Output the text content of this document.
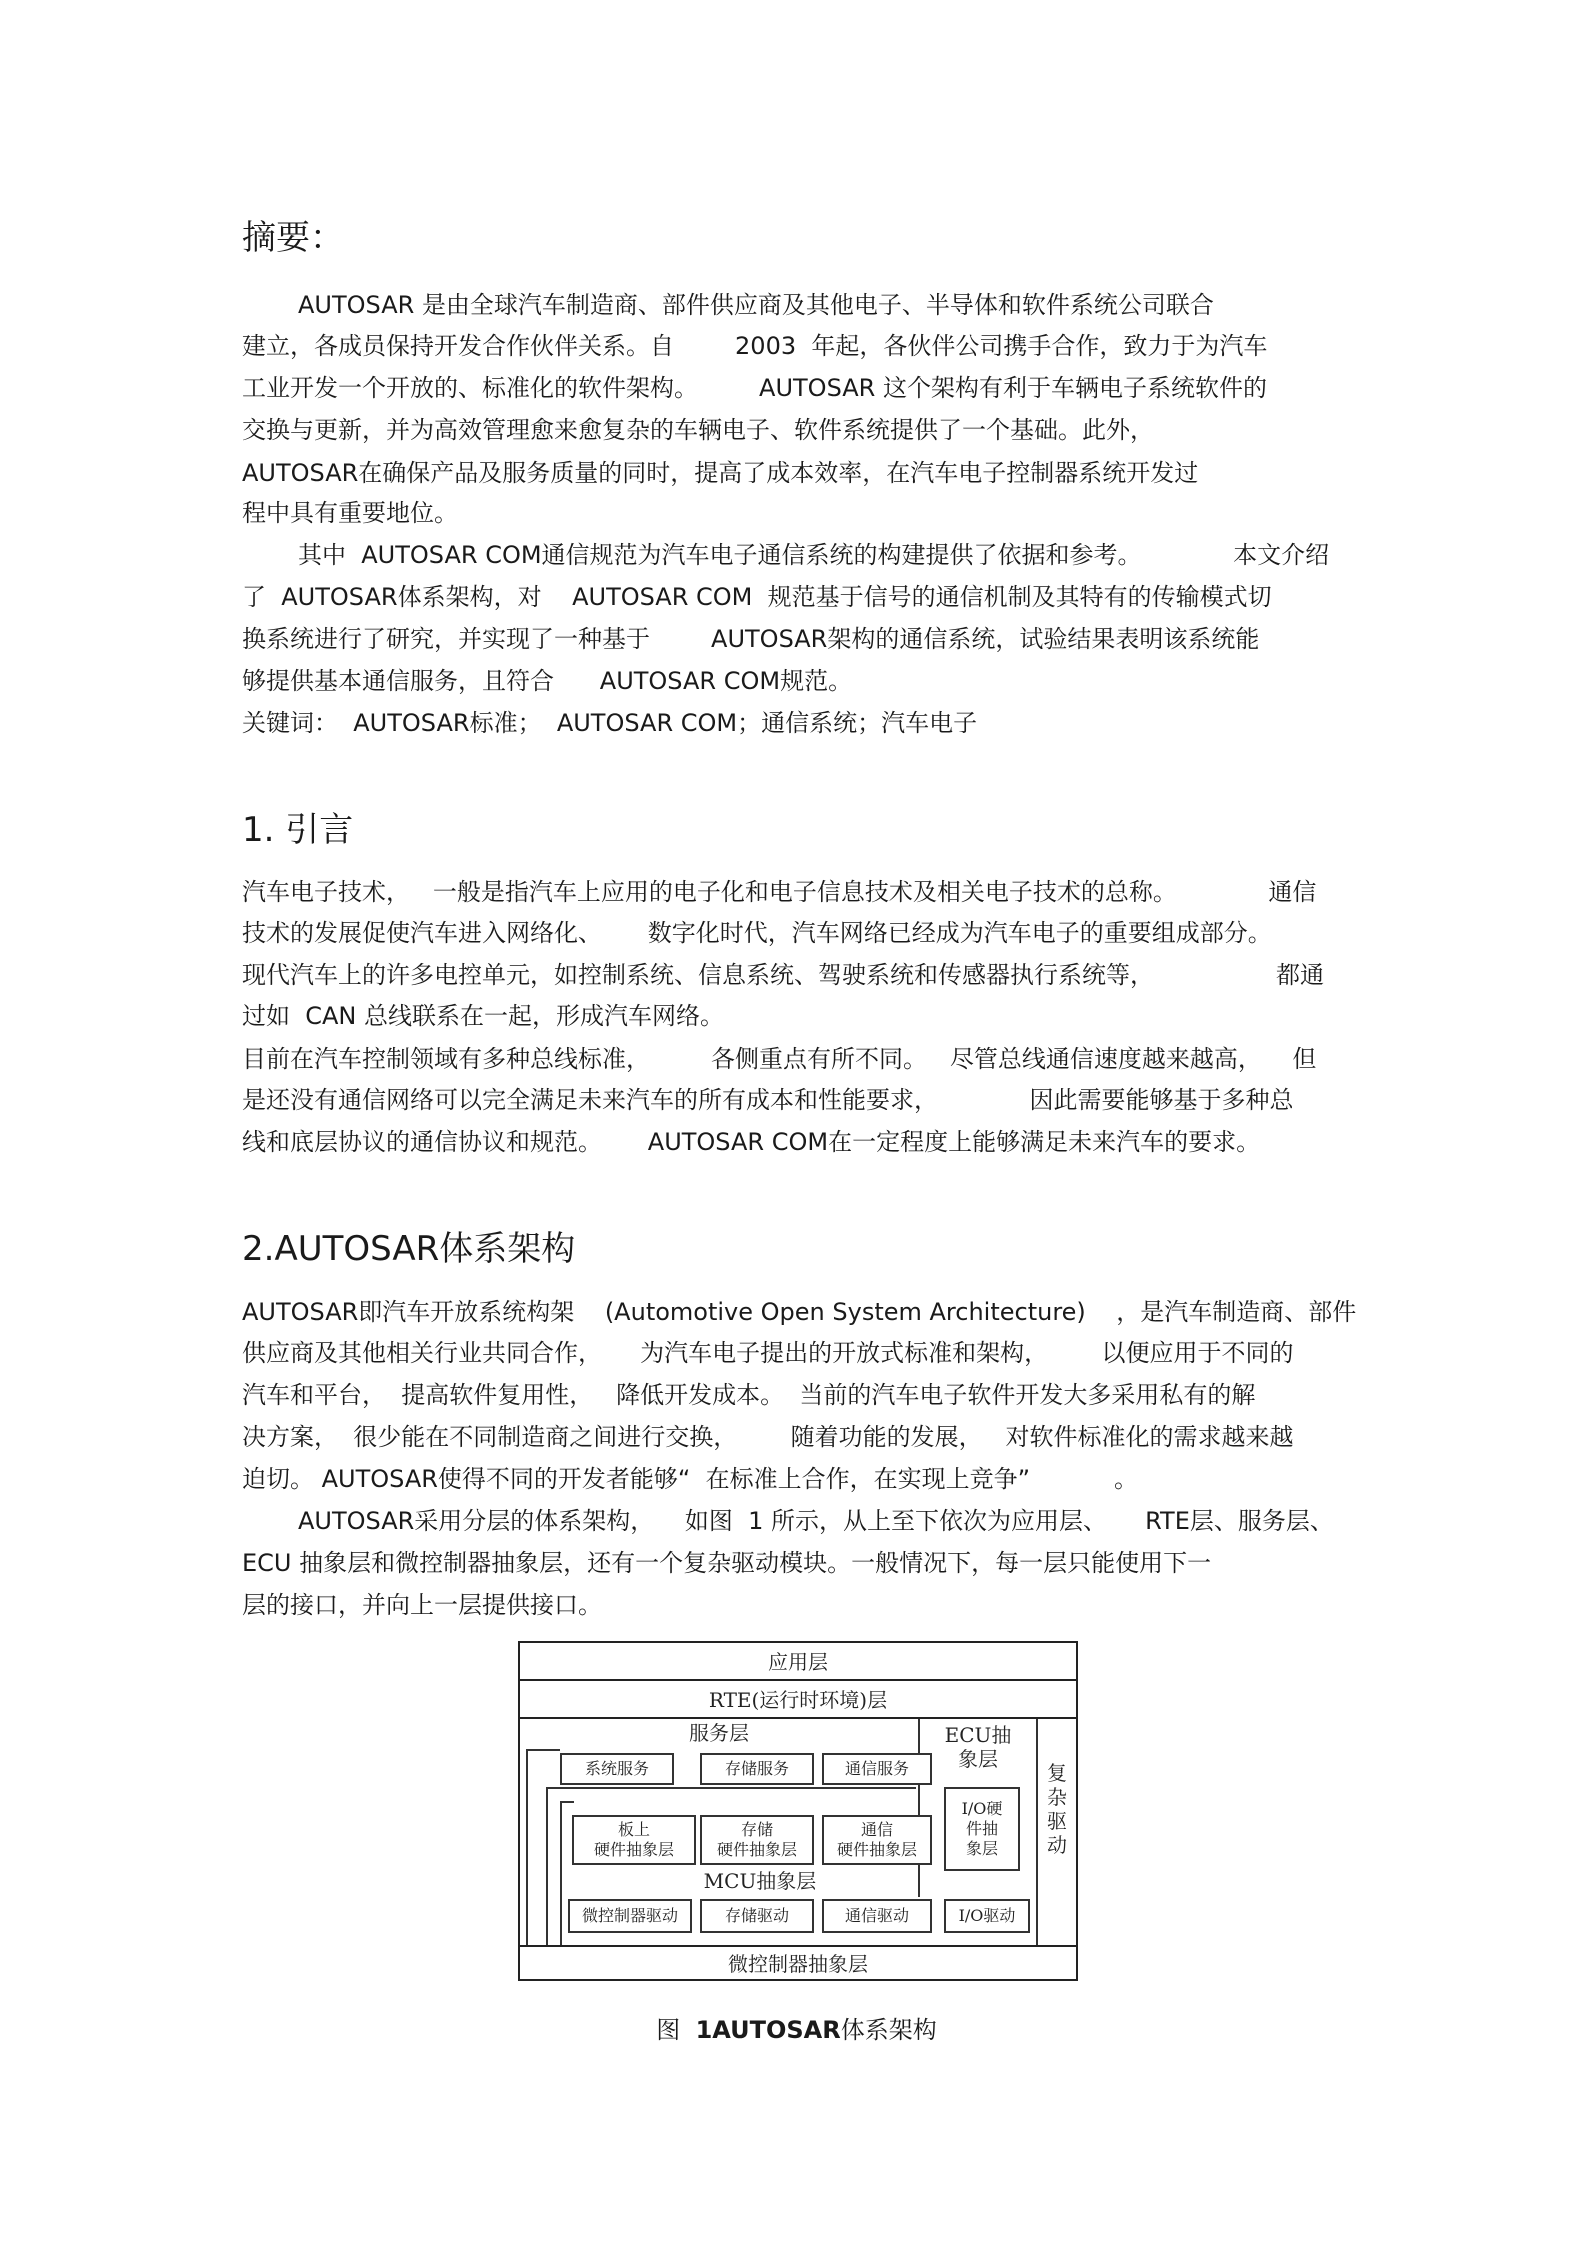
摘要：
AUTOSAR 是由全球汽车制造商、部件供应商及其他电子、半导体和软件系统公司联合
建立，各成员保持开发合作伙伴关系。自        2003  年起，各伙伴公司携手合作，致力于为汽车
工业开发一个开放的、标准化的软件架构。        AUTOSAR 这个架构有利于车辆电子系统软件的
交换与更新，并为高效管理愈来愈复杂的车辆电子、软件系统提供了一个基础。此外，
AUTOSAR在确保产品及服务质量的同时，提高了成本效率，在汽车电子控制器系统开发过
程中具有重要地位。
其中  AUTOSAR COM通信规范为汽车电子通信系统的构建提供了依据和参考。            本文介绍
了  AUTOSAR体系架构，对    AUTOSAR COM  规范基于信号的通信机制及其特有的传输模式切
换系统进行了研究，并实现了一种基于        AUTOSAR架构的通信系统，试验结果表明该系统能
够提供基本通信服务，且符合      AUTOSAR COM规范。
关键词：  AUTOSAR标准；  AUTOSAR COM；通信系统；汽车电子
1. 引言
汽车电子技术，   一般是指汽车上应用的电子化和电子信息技术及相关电子技术的总称。            通信
技术的发展促使汽车进入网络化、      数字化时代，汽车网络已经成为汽车电子的重要组成部分。
现代汽车上的许多电控单元，如控制系统、信息系统、驾驶系统和传感器执行系统等，                都通
过如  CAN 总线联系在一起，形成汽车网络。
目前在汽车控制领域有多种总线标准，        各侧重点有所不同。   尽管总线通信速度越来越高，    但
是还没有通信网络可以完全满足未来汽车的所有成本和性能要求，            因此需要能够基于多种总
线和底层协议的通信协议和规范。      AUTOSAR COM在一定程度上能够满足未来汽车的要求。
2.AUTOSAR体系架构
AUTOSAR即汽车开放系统构架    (Automotive Open System Architecture)    ，是汽车制造商、部件
供应商及其他相关行业共同合作，     为汽车电子提出的开放式标准和架构，       以便应用于不同的
汽车和平台，  提高软件复用性，   降低开发成本。  当前的汽车电子软件开发大多采用私有的解
决方案，  很少能在不同制造商之间进行交换，       随着功能的发展，   对软件标准化的需求越来越
迫切。 AUTOSAR使得不同的开发者能够“  在标准上合作，在实现上竞争”           。
AUTOSAR采用分层的体系架构，    如图  1 所示，从上至下依次为应用层、     RTE层、服务层、
ECU 抽象层和微控制器抽象层，还有一个复杂驱动模块。一般情况下，每一层只能使用下一
层的接口，并向上一层提供接口。
应用层
RTE(运行时环境)层
复
杂
驱
动
ECU抽
象层
服务层
系统服务	存储服务	通信服务
I/O硬
件抽
象层
板上
硬件抽象层
存储
硬件抽象层
通信
硬件抽象层
MCU抽象层
微控制器驱动	存储驱动	通信驱动	I/O驱动
微控制器抽象层
图  1AUTOSAR体系架构
